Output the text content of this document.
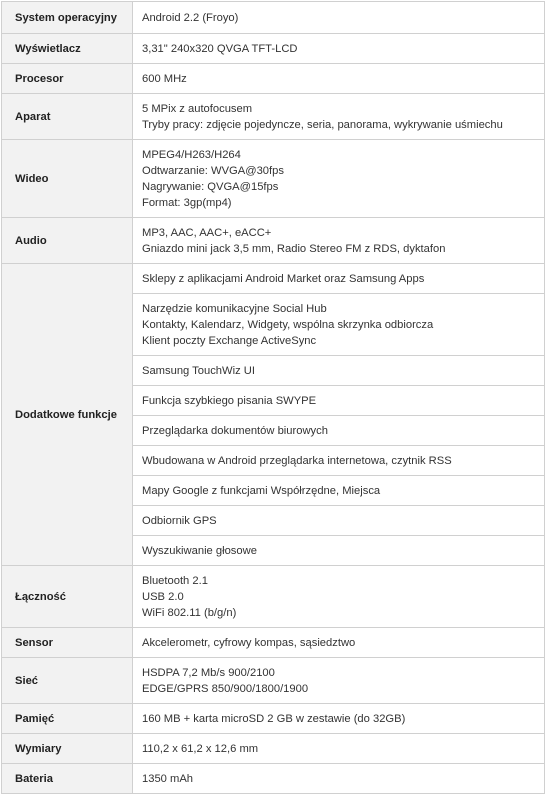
System operacyjny	Android 2.2 (Froyo)

Wyświetlacz	3,31" 240x320 QVGA TFT-LCD

Procesor	600 MHz

Aparat	5 MPix z autofocusem
Tryby pracy: zdjęcie pojedyncze, seria, panorama, wykrywanie uśmiechu

Wideo	MPEG4/H263/H264
Odtwarzanie: WVGA@30fps
Nagrywanie: QVGA@15fps
Format: 3gp(mp4)

Audio	MP3, AAC, AAC+, eACC+
Gniazdo mini jack 3,5 mm, Radio Stereo FM z RDS, dyktafon

Dodatkowe funkcje	Sklepy z aplikacjami Android Market oraz Samsung Apps

	Narzędzie komunikacyjne Social Hub
Kontakty, Kalendarz, Widgety, wspólna skrzynka odbiorcza
Klient poczty Exchange ActiveSync

	Samsung TouchWiz UI

	Funkcja szybkiego pisania SWYPE

	Przeglądarka dokumentów biurowych

	Wbudowana w Android przeglądarka internetowa, czytnik RSS

	Mapy Google z funkcjami Współrzędne, Miejsca

	Odbiornik GPS

	Wyszukiwanie głosowe

Łączność	Bluetooth 2.1
USB 2.0
WiFi 802.11 (b/g/n)

Sensor	Akcelerometr, cyfrowy kompas, sąsiedztwo

Sieć	HSDPA 7,2 Mb/s 900/2100
EDGE/GPRS 850/900/1800/1900

Pamięć	160 MB + karta microSD 2 GB w zestawie (do 32GB)

Wymiary	110,2 x 61,2 x 12,6 mm

Bateria	1350 mAh
